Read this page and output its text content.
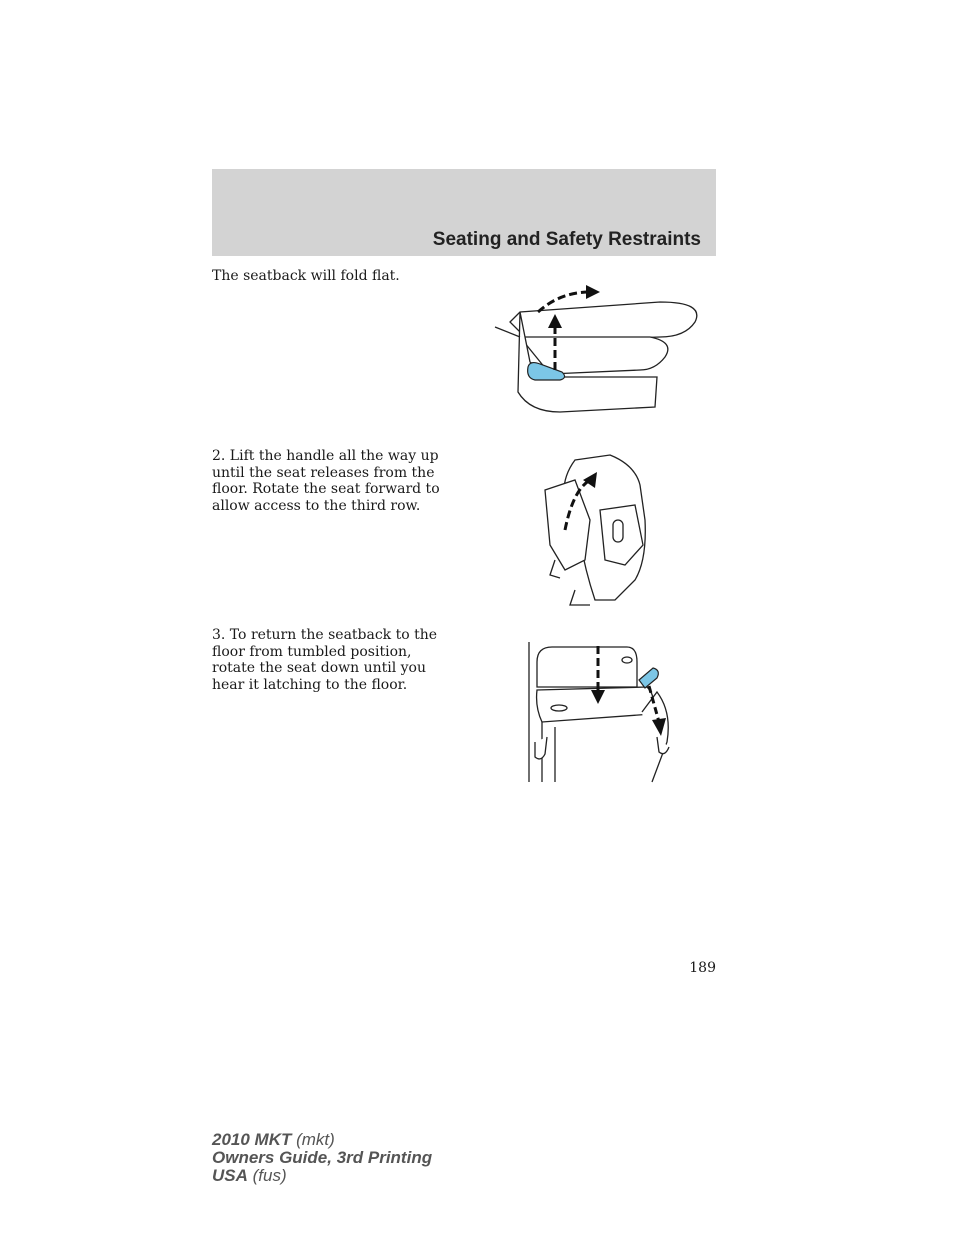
Seating and Safety Restraints

The seatback will fold flat.

2. Lift the handle all the way up until the seat releases from the floor. Rotate the seat forward to allow access to the third row.

3. To return the seatback to the floor from tumbled position, rotate the seat down until you hear it latching to the floor.

189
2010 MKT (mkt)
Owners Guide, 3rd Printing
USA (fus)
